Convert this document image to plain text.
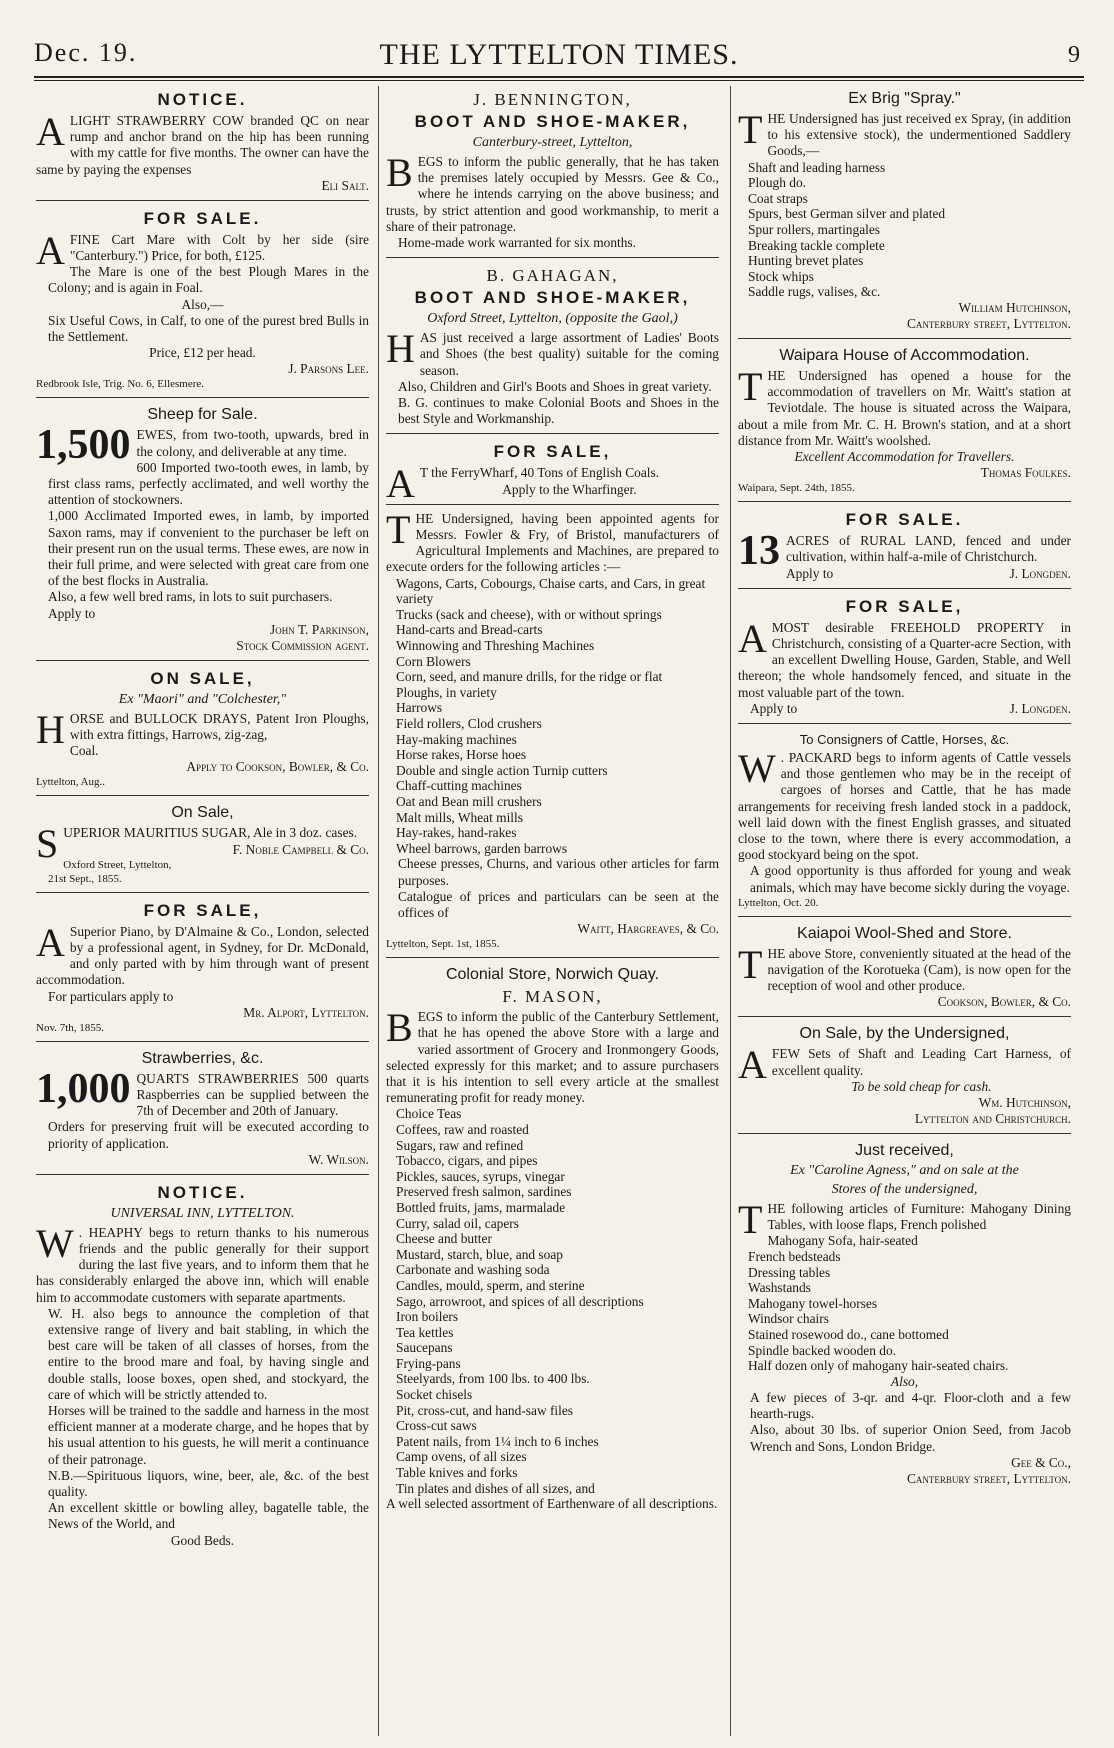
Dec. 19.	THE LYTTELTON TIMES.	9
NOTICE.

ALIGHT STRAWBERRY COW branded QC on near rump and anchor brand on the hip has been running with my cattle for five months. The owner can have the same by paying the expenses

Eli Salt.
FOR SALE.

AFINE Cart Mare with Colt by her side (sire "Canterbury.") Price, for both, £125.

The Mare is one of the best Plough Mares in the Colony; and is again in Foal.

Also,—

Six Useful Cows, in Calf, to one of the purest bred Bulls in the Settlement.

Price, £12 per head.

J. Parsons Lee.

Redbrook Isle, Trig. No. 6, Ellesmere.

Sheep for Sale.

1,500 EWES, from two-tooth, upwards, bred in the colony, and deliverable at any time.

600 Imported two-tooth ewes, in lamb, by first class rams, perfectly acclimated, and well worthy the attention of stockowners.

1,000 Acclimated Imported ewes, in lamb, by imported Saxon rams, may if convenient to the purchaser be left on their present run on the usual terms. These ewes, are now in their full prime, and were selected with great care from one of the best flocks in Australia.

Also, a few well bred rams, in lots to suit purchasers.

Apply to

John T. Parkinson,
Stock Commission agent.
ON SALE,
Ex "Maori" and "Colchester,"

HORSE and BULLOCK DRAYS, Patent Iron Ploughs, with extra fittings, Harrows, zig-zag,

Coal.

Apply to Cookson, Bowler, & Co.

Lyttelton, Aug..

On Sale,

SUPERIOR MAURITIUS SUGAR, Ale in 3 doz. cases.

F. Noble Campbell & Co.

Oxford Street, Lyttelton,

21st Sept., 1855.

FOR SALE,

A Superior Piano, by D'Almaine & Co., London, selected by a professional agent, in Sydney, for Dr. McDonald, and only parted with by him through want of present accommodation.

For particulars apply to

Mr. Alport, Lyttelton.

Nov. 7th, 1855.

Strawberries, &c.

1,000 QUARTS STRAWBERRIES 500 quarts Raspberries can be supplied between the 7th of December and 20th of January.

Orders for preserving fruit will be executed according to priority of application.

W. Wilson.
NOTICE.
UNIVERSAL INN, LYTTELTON.

W . HEAPHY begs to return thanks to his numerous friends and the public generally for their support during the last five years, and to inform them that he has considerably enlarged the above inn, which will enable him to accommodate customers with separate apartments.

W. H. also begs to announce the completion of that extensive range of livery and bait stabling, in which the best care will be taken of all classes of horses, from the entire to the brood mare and foal, by having single and double stalls, loose boxes, open shed, and stockyard, the care of which will be strictly attended to.

Horses will be trained to the saddle and harness in the most efficient manner at a moderate charge, and he hopes that by his usual attention to his guests, he will merit a continuance of their patronage.

N.B.—Spirituous liquors, wine, beer, ale, &c. of the best quality.

An excellent skittle or bowling alley, bagatelle table, the News of the World, and

Good Beds.

J. BENNINGTON,
BOOT AND SHOE-MAKER,
Canterbury-street, Lyttelton,

BEGS to inform the public generally, that he has taken the premises lately occupied by Messrs. Gee & Co., where he intends carrying on the above business; and trusts, by strict attention and good workmanship, to merit a share of their patronage.

Home-made work warranted for six months.

B. GAHAGAN,
BOOT AND SHOE-MAKER,
Oxford Street, Lyttelton, (opposite the Gaol,)

HAS just received a large assortment of Ladies' Boots and Shoes (the best quality) suitable for the coming season.

Also, Children and Girl's Boots and Shoes in great variety.

B. G. continues to make Colonial Boots and Shoes in the best Style and Workmanship.

FOR SALE,

A T the FerryWharf, 40 Tons of English Coals.

Apply to the Wharfinger.

THE Undersigned, having been appointed agents for Messrs. Fowler & Fry, of Bristol, manufacturers of Agricultural Implements and Machines, are prepared to execute orders for the following articles :—

Wagons, Carts, Cobourgs, Chaise carts, and Cars, in great variety
Trucks (sack and cheese), with or without springs
Hand-carts and Bread-carts
Winnowing and Threshing Machines
Corn Blowers
Corn, seed, and manure drills, for the ridge or flat
Ploughs, in variety
Harrows
Field rollers, Clod crushers
Hay-making machines
Horse rakes, Horse hoes
Double and single action Turnip cutters
Chaff-cutting machines
Oat and Bean mill crushers
Malt mills, Wheat mills
Hay-rakes, hand-rakes
Wheel barrows, garden barrows

Cheese presses, Churns, and various other articles for farm purposes.

Catalogue of prices and particulars can be seen at the offices of

Waitt, Hargreaves, & Co.

Lyttelton, Sept. 1st, 1855.

Colonial Store, Norwich Quay.
F. MASON,

BEGS to inform the public of the Canterbury Settlement, that he has opened the above Store with a large and varied assortment of Grocery and Ironmongery Goods, selected expressly for this market; and to assure purchasers that it is his intention to sell every article at the smallest remunerating profit for ready money.

Choice Teas
Coffees, raw and roasted
Sugars, raw and refined
Tobacco, cigars, and pipes
Pickles, sauces, syrups, vinegar
Preserved fresh salmon, sardines
Bottled fruits, jams, marmalade
Curry, salad oil, capers
Cheese and butter
Mustard, starch, blue, and soap
Carbonate and washing soda
Candles, mould, sperm, and sterine
Sago, arrowroot, and spices of all descriptions
Iron boilers
Tea kettles
Saucepans
Frying-pans
Steelyards, from 100 lbs. to 400 lbs.
Socket chisels
Pit, cross-cut, and hand-saw files
Cross-cut saws
Patent nails, from 1¼ inch to 6 inches
Camp ovens, of all sizes
Table knives and forks
Tin plates and dishes of all sizes, and

A well selected assortment of Earthenware of all descriptions.

Ex Brig "Spray."

THE Undersigned has just received ex Spray, (in addition to his extensive stock), the undermentioned Saddlery Goods,—

Shaft and leading harness
Plough do.
Coat straps
Spurs, best German silver and plated
Spur rollers, martingales
Breaking tackle complete
Hunting brevet plates
Stock whips
Saddle rugs, valises, &c.
William Hutchinson,
Canterbury street, Lyttelton.
Waipara House of Accommodation.

THE Undersigned has opened a house for the accommodation of travellers on Mr. Waitt's station at Teviotdale. The house is situated across the Waipara, about a mile from Mr. C. H. Brown's station, and at a short distance from Mr. Waitt's woolshed.

Excellent Accommodation for Travellers.

Thomas Foulkes.

Waipara, Sept. 24th, 1855.

FOR SALE.

13 ACRES of RURAL LAND, fenced and under cultivation, within half-a-mile of Christchurch.

Apply to	J. Longden.

FOR SALE,

AMOST desirable FREEHOLD PROPERTY in Christchurch, consisting of a Quarter-acre Section, with an excellent Dwelling House, Garden, Stable, and Well thereon; the whole handsomely fenced, and situate in the most valuable part of the town.

Apply to	J. Longden.

To Consigners of Cattle, Horses, &c.

W . PACKARD begs to inform agents of Cattle vessels and those gentlemen who may be in the receipt of cargoes of horses and Cattle, that he has made arrangements for receiving fresh landed stock in a paddock, well laid down with the finest English grasses, and situated close to the town, where there is every accommodation, a good stockyard being on the spot.

A good opportunity is thus afforded for young and weak animals, which may have become sickly during the voyage.

Lyttelton, Oct. 20.

Kaiapoi Wool-Shed and Store.

THE above Store, conveniently situated at the head of the navigation of the Korotueka (Cam), is now open for the reception of wool and other produce.

Cookson, Bowler, & Co.
On Sale, by the Undersigned,

AFEW Sets of Shaft and Leading Cart Harness, of excellent quality.

To be sold cheap for cash.

Wm. Hutchinson,
Lyttelton and Christchurch.
Just received,
Ex "Caroline Agness," and on sale at the
Stores of the undersigned,

THE following articles of Furniture: Mahogany Dining Tables, with loose flaps, French polished

Mahogany Sofa, hair-seated
French bedsteads
Dressing tables
Washstands
Mahogany towel-horses
Windsor chairs
Stained rosewood do., cane bottomed
Spindle backed wooden do.
Half dozen only of mahogany hair-seated chairs.

Also,

A few pieces of 3-qr. and 4-qr. Floor-cloth and a few hearth-rugs.

Also, about 30 lbs. of superior Onion Seed, from Jacob Wrench and Sons, London Bridge.

Gee & Co.,
Canterbury street, Lyttelton.
